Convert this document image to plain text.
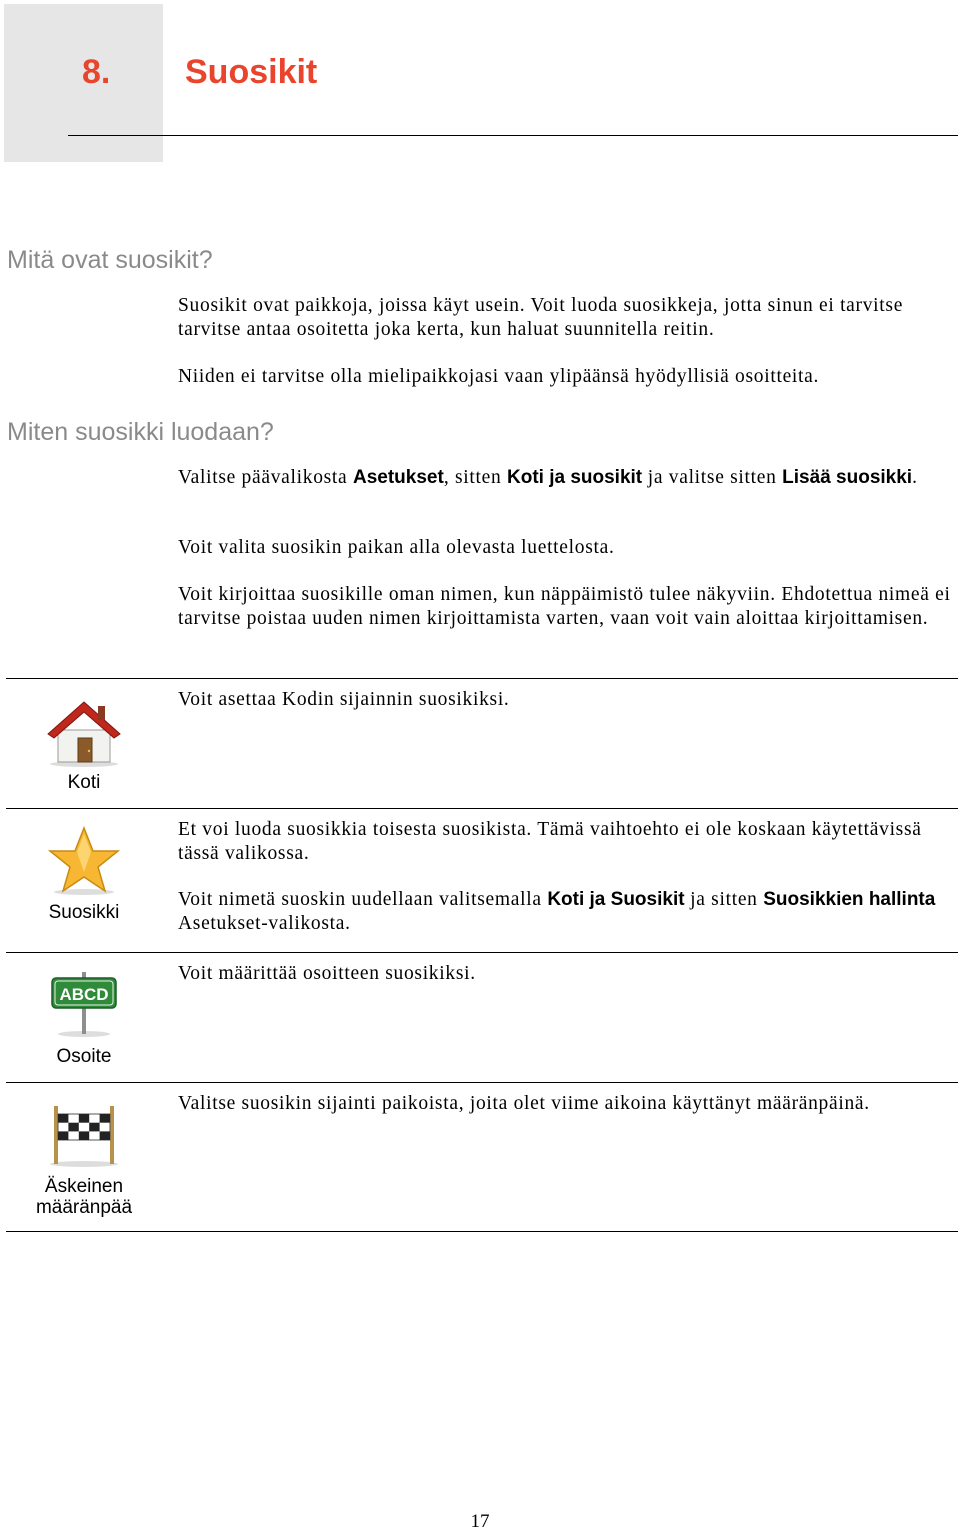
8. Suosikit
Mitä ovat suosikit?
Suosikit ovat paikkoja, joissa käyt usein. Voit luoda suosikkeja, jotta sinun ei tarvitse tarvitse antaa osoitetta joka kerta, kun haluat suunnitella reitin.
Niiden ei tarvitse olla mielipaikkojasi vaan ylipäänsä hyödyllisiä osoitteita.
Miten suosikki luodaan?
Valitse päävalikosta Asetukset, sitten Koti ja suosikit ja valitse sitten Lisää suosikki.
Voit valita suosikin paikan alla olevasta luettelosta.
Voit kirjoittaa suosikille oman nimen, kun näppäimistö tulee näkyviin. Ehdotettua nimeä ei tarvitse poistaa uuden nimen kirjoittamista varten, vaan voit vain aloittaa kirjoittamisen.
Koti
Voit asettaa Kodin sijainnin suosikiksi.
Suosikki
Et voi luoda suosikkia toisesta suosikista. Tämä vaihtoehto ei ole koskaan käytettävissä tässä valikossa.
Voit nimetä suoskin uudellaan valitsemalla Koti ja Suosikit ja sitten Suosikkien hallinta Asetukset-valikosta.
ABCD
Osoite
Voit määrittää osoitteen suosikiksi.
Äskeinen
määränpää
Valitse suosikin sijainti paikoista, joita olet viime aikoina käyttänyt määränpäinä.
17
